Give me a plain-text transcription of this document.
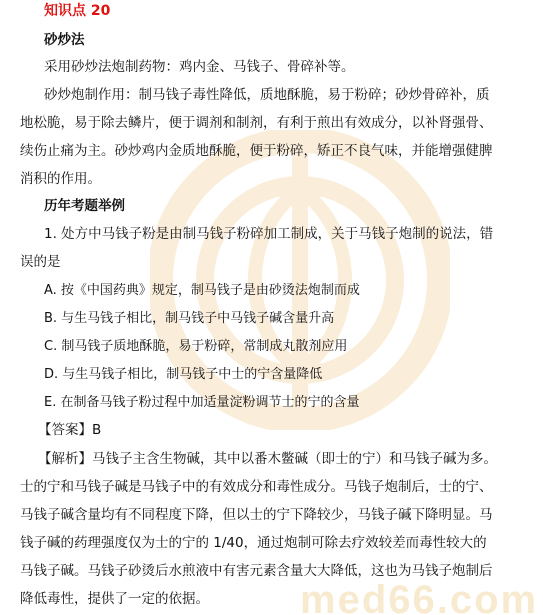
med66.com
知识点 20
砂炒法
采用砂炒法炮制药物：鸡内金、马钱子、骨碎补等。
砂炒炮制作用：制马钱子毒性降低，质地酥脆，易于粉碎；砂炒骨碎补，质
地松脆，易于除去鳞片，便于调剂和制剂，有利于煎出有效成分，以补肾强骨、
续伤止痛为主。砂炒鸡内金质地酥脆，便于粉碎，矫正不良气味，并能增强健脾
消积的作用。
历年考题举例
1. 处方中马钱子粉是由制马钱子粉碎加工制成，关于马钱子炮制的说法，错
误的是
A. 按《中国药典》规定，制马钱子是由砂烫法炮制而成
B. 与生马钱子相比，制马钱子中马钱子碱含量升高
C. 制马钱子质地酥脆，易于粉碎，常制成丸散剂应用
D. 与生马钱子相比，制马钱子中士的宁含量降低
E. 在制备马钱子粉过程中加适量淀粉调节士的宁的含量
【答案】B
【解析】马钱子主含生物碱，其中以番木鳖碱（即士的宁）和马钱子碱为多。
士的宁和马钱子碱是马钱子中的有效成分和毒性成分。马钱子炮制后，士的宁、
马钱子碱含量均有不同程度下降，但以士的宁下降较少，马钱子碱下降明显。马
钱子碱的药理强度仅为士的宁的 1/40，通过炮制可除去疗效较差而毒性较大的
马钱子碱。马钱子砂烫后水煎液中有害元素含量大大降低，这也为马钱子炮制后
降低毒性，提供了一定的依据。
